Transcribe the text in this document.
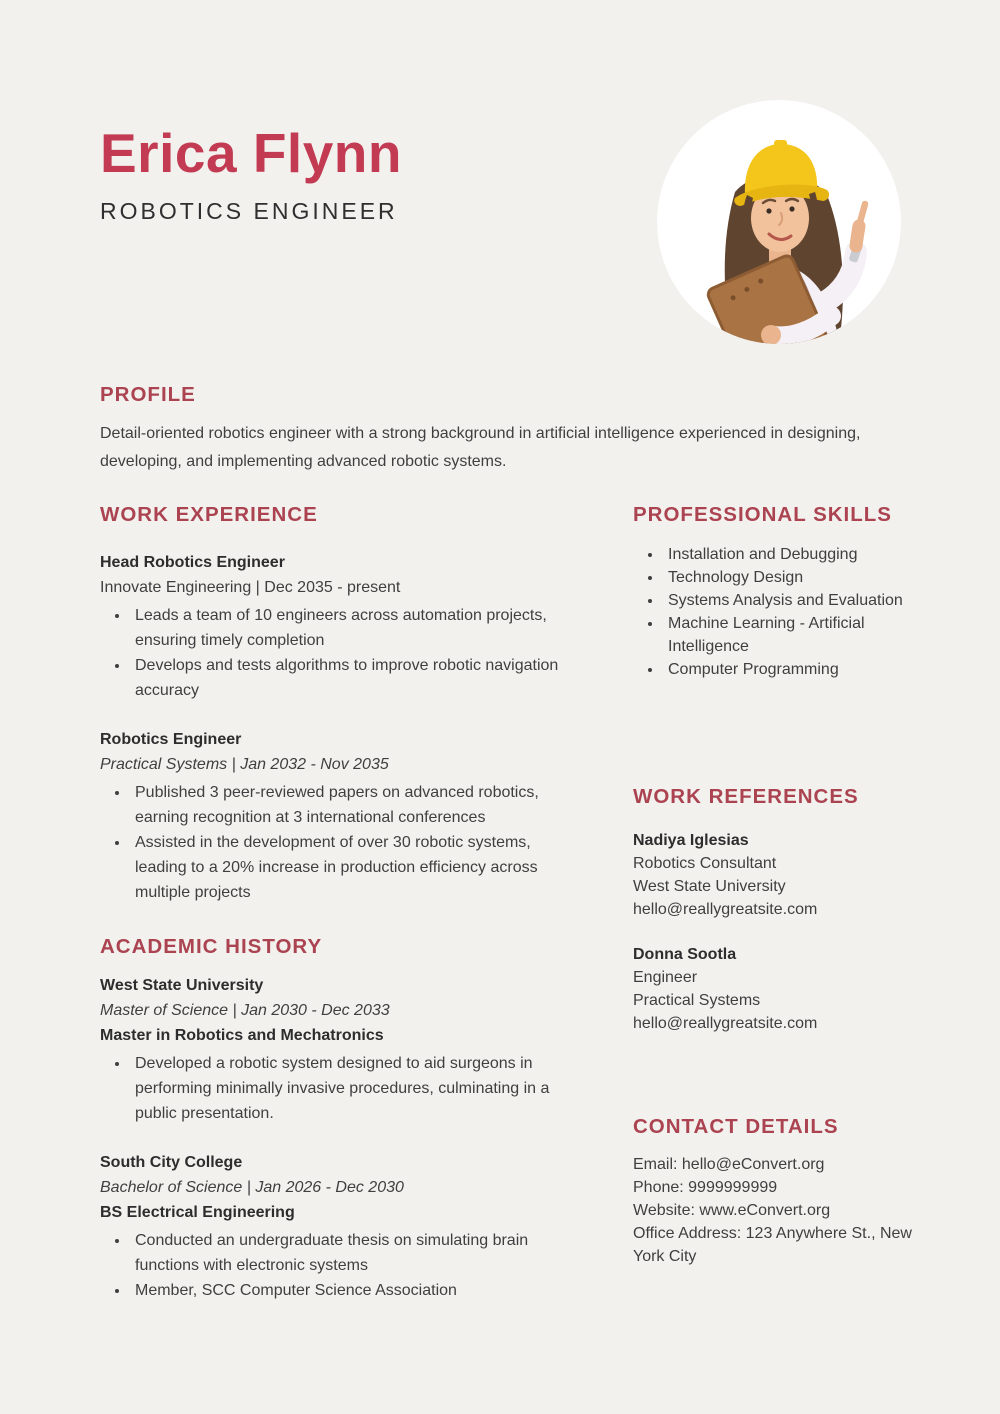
Erica Flynn
ROBOTICS ENGINEER
PROFILE

Detail-oriented robotics engineer with a strong background in artificial intelligence experienced in designing, developing, and implementing advanced robotic systems.

WORK EXPERIENCE
Head Robotics Engineer
Innovate Engineering | Dec 2035 - present
• Leads a team of 10 engineers across automation projects, ensuring timely completion
• Develops and tests algorithms to improve robotic navigation accuracy
Robotics Engineer
Practical Systems | Jan 2032 - Nov 2035
• Published 3 peer-reviewed papers on advanced robotics, earning recognition at 3 international conferences
• Assisted in the development of over 30 robotic systems, leading to a 20% increase in production efficiency across multiple projects
ACADEMIC HISTORY
West State University
Master of Science | Jan 2030 - Dec 2033
Master in Robotics and Mechatronics
• Developed a robotic system designed to aid surgeons in performing minimally invasive procedures, culminating in a public presentation.
South City College
Bachelor of Science | Jan 2026 - Dec 2030
BS Electrical Engineering
• Conducted an undergraduate thesis on simulating brain functions with electronic systems
• Member, SCC Computer Science Association
PROFESSIONAL SKILLS
• Installation and Debugging
• Technology Design
• Systems Analysis and Evaluation
• Machine Learning - Artificial Intelligence
• Computer Programming
WORK REFERENCES
Nadiya Iglesias
Robotics Consultant
West State University
hello@reallygreatsite.com
Donna Sootla
Engineer
Practical Systems
hello@reallygreatsite.com
CONTACT DETAILS
Email: hello@eConvert.org
Phone: 9999999999
Website: www.eConvert.org
Office Address: 123 Anywhere St., New York City
